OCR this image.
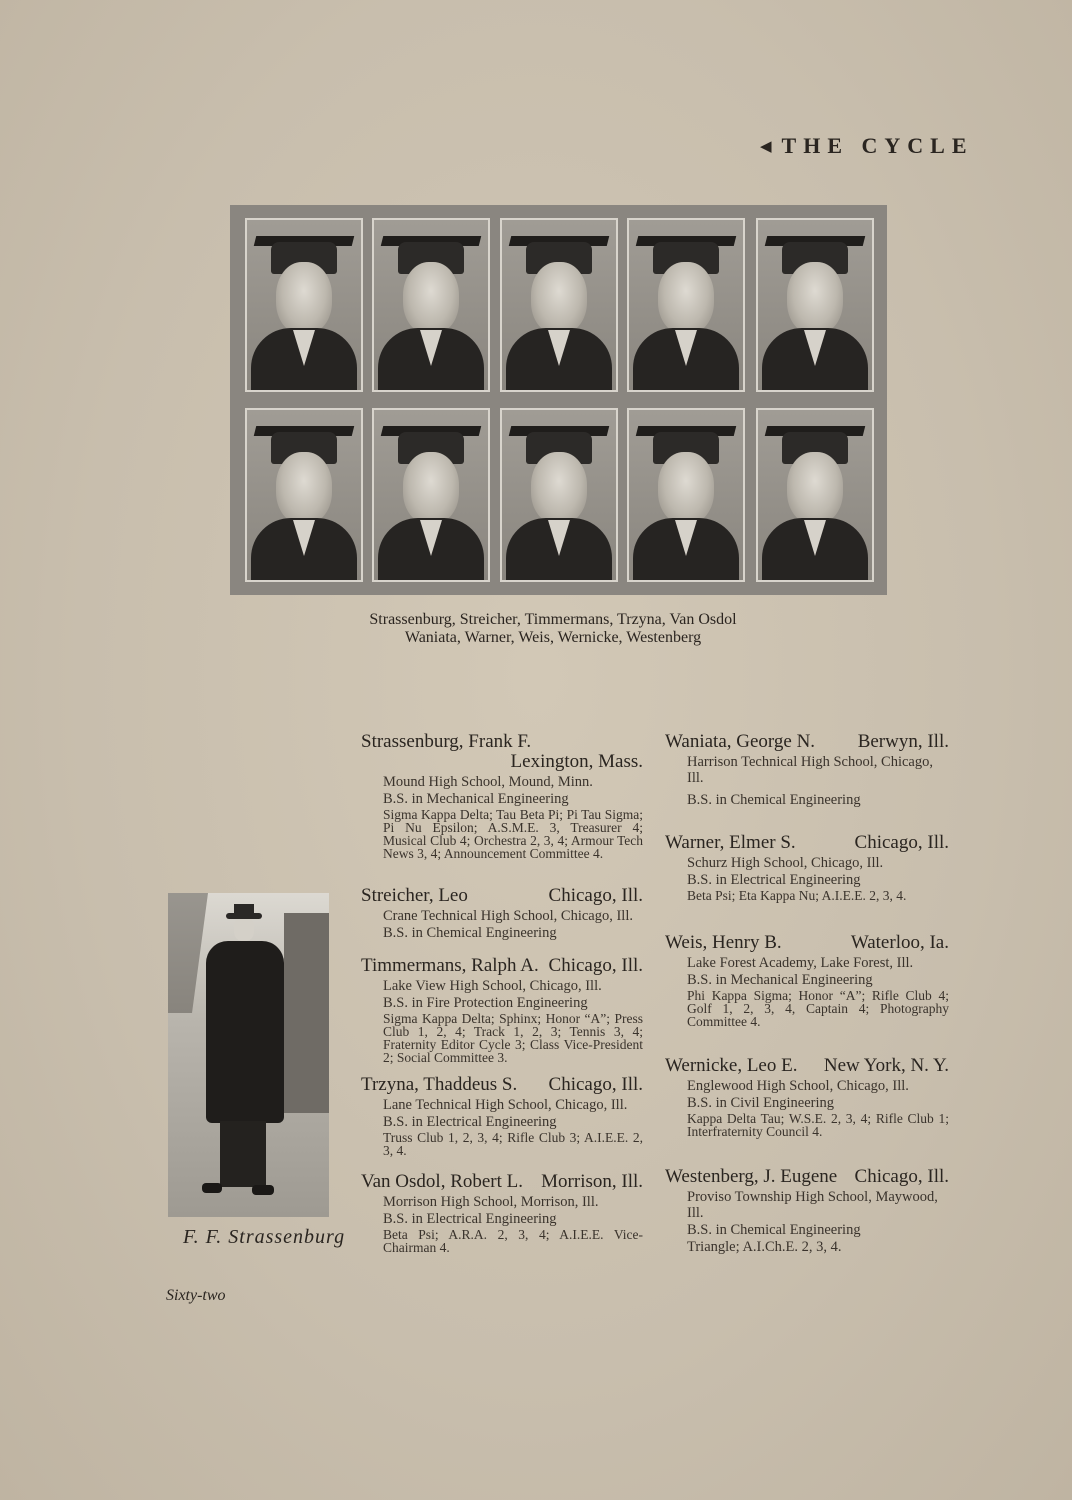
◀ THE CYCLE
Strassenburg, Streicher, Timmermans, Trzyna, Van Osdol
Waniata, Warner, Weis, Wernicke, Westenberg
Strassenburg, Frank F.
Lexington, Mass.

Mound High School, Mound, Minn.

B.S. in Mechanical Engineering

Sigma Kappa Delta; Tau Beta Pi; Pi Tau Sigma; Pi Nu Epsilon; A.S.M.E. 3, Treasurer 4; Musical Club 4; Orchestra 2, 3, 4; Armour Tech News 3, 4; Announcement Committee 4.

Streicher, Leo	Chicago, Ill.

Crane Technical High School, Chicago, Ill.

B.S. in Chemical Engineering

Timmermans, Ralph A. Chicago, Ill.

Lake View High School, Chicago, Ill.

B.S. in Fire Protection Engineering

Sigma Kappa Delta; Sphinx; Honor “A”; Press Club 1, 2, 4; Track 1, 2, 3; Tennis 3, 4; Fraternity Editor Cycle 3; Class Vice-President 2; Social Committee 3.

Trzyna, Thaddeus S. Chicago, Ill.

Lane Technical High School, Chicago, Ill.

B.S. in Electrical Engineering

Truss Club 1, 2, 3, 4; Rifle Club 3; A.I.E.E. 2, 3, 4.

Van Osdol, Robert L. Morrison, Ill.

Morrison High School, Morrison, Ill.

B.S. in Electrical Engineering

Beta Psi; A.R.A. 2, 3, 4; A.I.E.E. Vice-Chairman 4.

Waniata, George N. Berwyn, Ill.

Harrison Technical High School, Chicago, Ill.

B.S. in Chemical Engineering

Warner, Elmer S.	Chicago, Ill.

Schurz High School, Chicago, Ill.

B.S. in Electrical Engineering

Beta Psi; Eta Kappa Nu; A.I.E.E. 2, 3, 4.

Weis, Henry B.	Waterloo, Ia.

Lake Forest Academy, Lake Forest, Ill.

B.S. in Mechanical Engineering

Phi Kappa Sigma; Honor “A”; Rifle Club 4; Golf 1, 2, 3, 4, Captain 4; Photography Committee 4.

Wernicke, Leo E. New York, N. Y.

Englewood High School, Chicago, Ill.

B.S. in Civil Engineering

Kappa Delta Tau; W.S.E. 2, 3, 4; Rifle Club 1; Interfraternity Council 4.

Westenberg, J. Eugene Chicago, Ill.

Proviso Township High School, Maywood, Ill.

B.S. in Chemical Engineering

Triangle; A.I.Ch.E. 2, 3, 4.

F. F. Strassenburg
Sixty-two
